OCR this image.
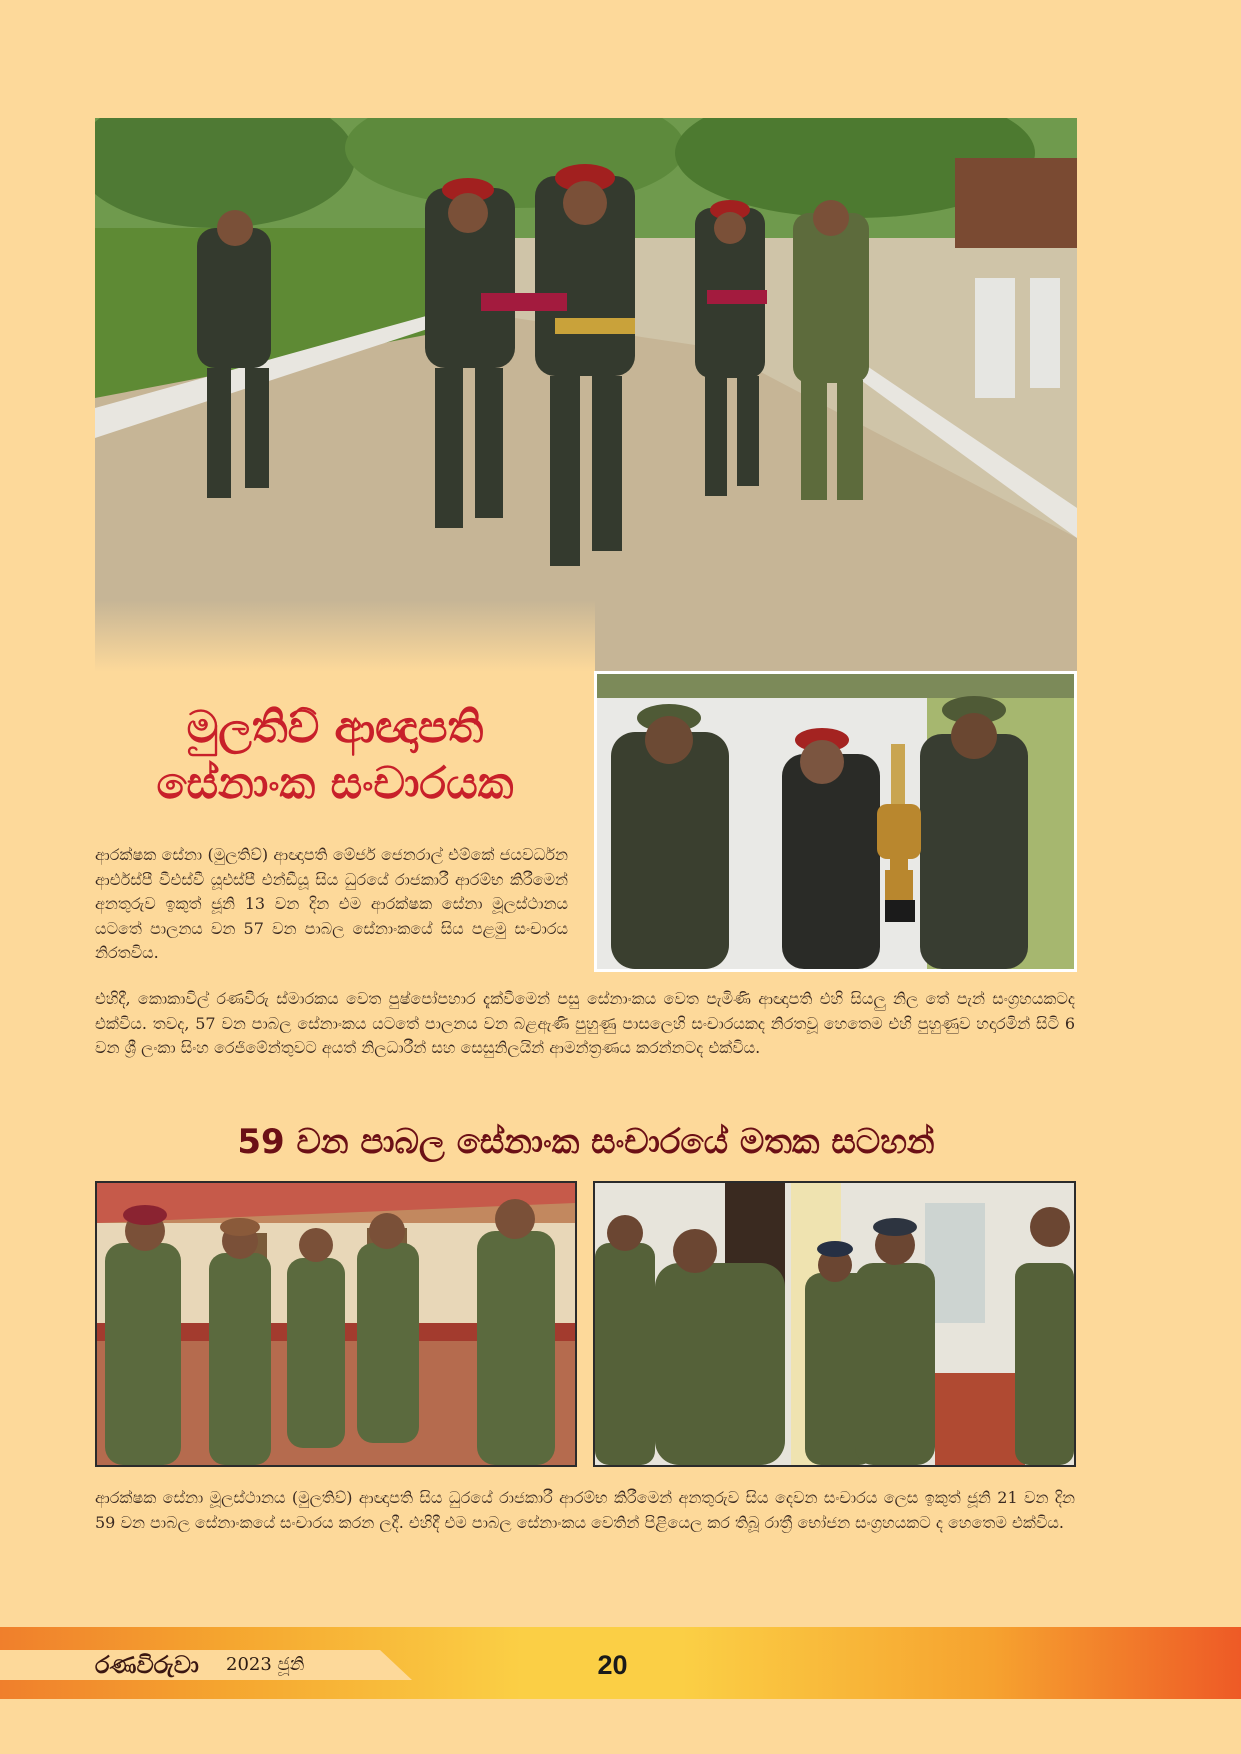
මුලතිව් ආඥාපති
සේනාංක සංචාරයක

ආරක්ෂක සේනා (මුලතිව්) ආඥාපති මේජර් ජෙනරාල් එම්කේ ජයවර්ධන ආර්එස්පී වීඑස්වී යූඑස්පී එන්ඩීයූ සිය ධුරයේ රාජකාරී ආරම්භ කිරීමෙන් අනතුරුව ඉකුත් ජූනි 13 වන දින එම ආරක්ෂක සේනා මූලස්ථානය යටතේ පාලනය වන 57 වන පාබල සේනාංකයේ සිය පළමු සංචාරය නිරතවිය.

එහිදී, කොකාවිල් රණවිරු ස්මාරකය වෙත පුෂ්පෝපහාර දැක්වීමෙන් පසු සේනාංකය වෙත පැමිණි ආඥාපති එහි සියලු නිල තේ පැන් සංග්‍රහයකටද එක්විය. තවද, 57 වන පාබල සේනාංකය යටතේ පාලනය වන බළඇණි පුහුණු පාසලෙහි සංචාරයකද නිරතවූ හෙතෙම එහි පුහුණුව හදාරමින් සිටි 6 වන ශ්‍රී ලංකා සිංහ රෙජිමේන්තුවට අයත් නිලධාරීන් සහ සෙසුනිලයින් ආමන්ත්‍රණය කරන්නටද එක්විය.

59 වන පාබල සේනාංක සංචාරයේ මතක සටහන්

ආරක්ෂක සේනා මූලස්ථානය (මුලතිව්) ආඥාපති සිය ධුරයේ රාජකාරී ආරම්භ කිරීමෙන් අනතුරුව සිය දෙවන සංචාරය ලෙස ඉකුත් ජූනි 21 වන දින 59 වන පාබල සේනාංකයේ සංචාරය කරන ලදී. එහිදී එම පාබල සේනාංකය වෙතින් පිළියෙල කර තිබූ රාත්‍රී භෝජන සංග්‍රහයකට ද හෙතෙම එක්විය.

රණවිරුවා 2023 ජූනි	20
